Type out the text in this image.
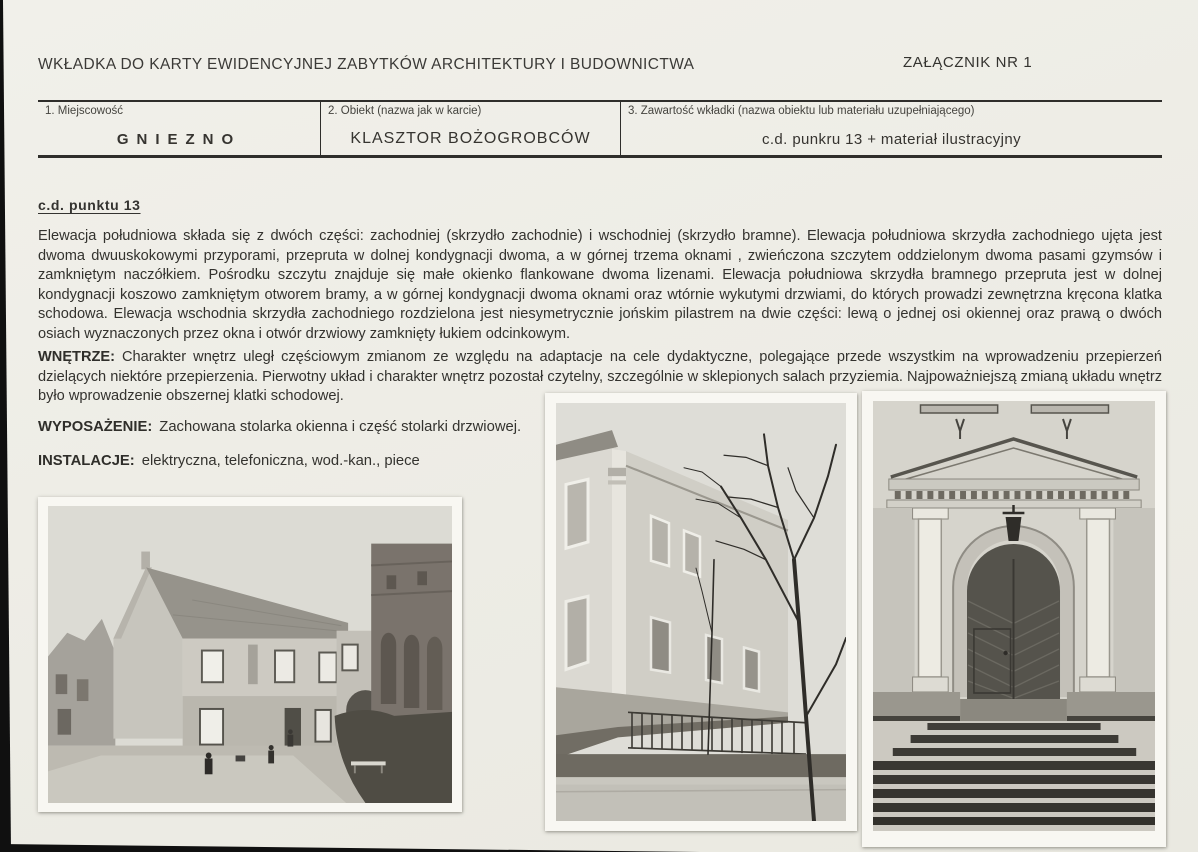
WKŁADKA DO KARTY EWIDENCYJNEJ ZABYTKÓW ARCHITEKTURY I BUDOWNICTWA	ZAŁĄCZNIK NR 1
1. Miejscowość
GNIEZNO
2. Obiekt (nazwa jak w karcie)
KLASZTOR BOŻOGROBCÓW
3. Zawartość wkładki (nazwa obiektu lub materiału uzupełniającego)
c.d. punkru 13 + materiał ilustracyjny
c.d. punktu 13
Elewacja południowa składa się z dwóch części: zachodniej (skrzydło zachodnie) i wschodniej (skrzydło bramne). Elewacja południowa skrzydła zachodniego ujęta jest dwoma dwuuskokowymi przyporami, przepruta w dolnej kondygnacji dwoma, a w górnej trzema oknami , zwieńczona szczytem oddzielonym dwoma pasami gzymsów i zamkniętym naczółkiem. Pośrodku szczytu znajduje się małe okienko flankowane dwoma lizenami. Elewacja południowa skrzydła bramnego przepruta jest w dolnej kondygnacji koszowo zamkniętym otworem bramy, a w górnej kondygnacji dwoma oknami oraz wtórnie wykutymi drzwiami, do których prowadzi zewnętrzna kręcona klatka schodowa. Elewacja wschodnia skrzydła zachodniego rozdzielona jest niesymetrycznie jońskim pilastrem na dwie części: lewą o jednej osi okiennej oraz prawą o dwóch osiach wyznaczonych przez okna i otwór drzwiowy zamknięty łukiem odcinkowym.
WNĘTRZE: Charakter wnętrz uległ częściowym zmianom ze względu na adaptacje na cele dydaktyczne, polegające przede wszystkim na wprowadzeniu przepierzeń dzielących niektóre przepierzenia. Pierwotny układ i charakter wnętrz pozostał czytelny, szczególnie w sklepionych salach przyziemia. Najpoważniejszą zmianą układu wnętrz było wprowadzenie obszernej klatki schodowej.
WYPOSAŻENIE: Zachowana stolarka okienna i część stolarki drzwiowej.
INSTALACJE: elektryczna, telefoniczna, wod.-kan., piece
